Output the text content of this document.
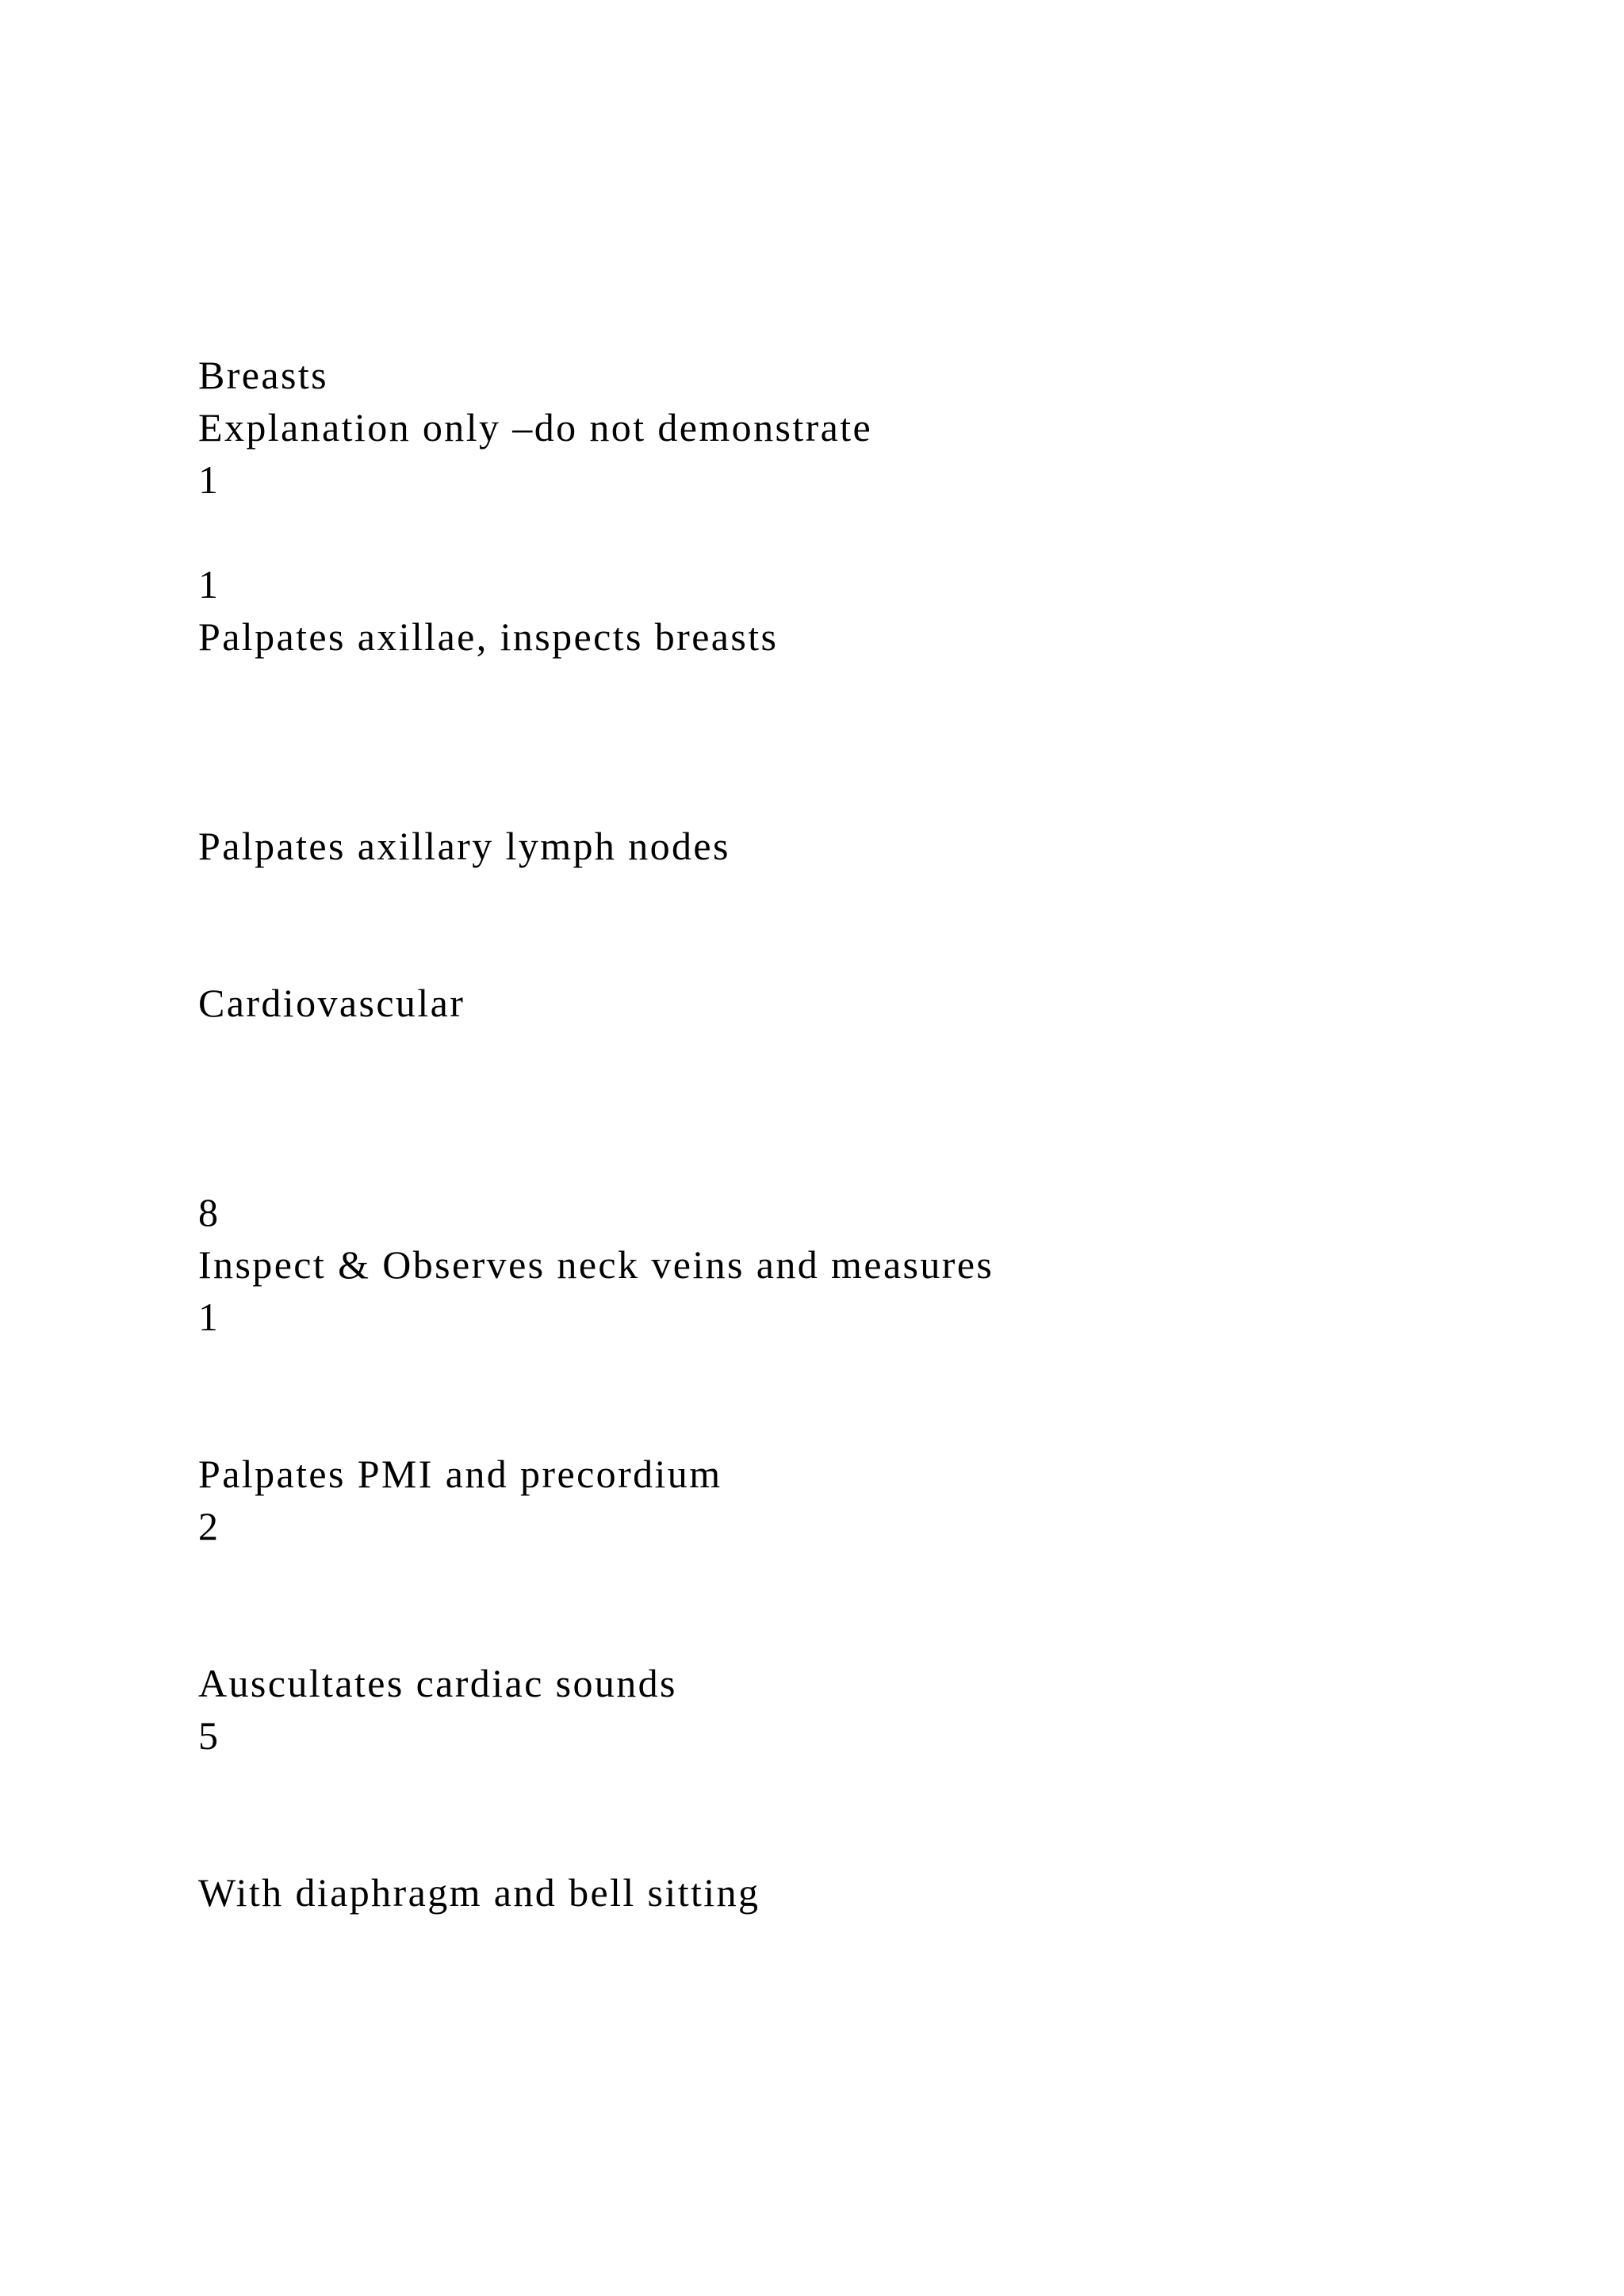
Breasts
Explanation only –do not demonstrate
1
1
Palpates axillae, inspects breasts
Palpates axillary lymph nodes
Cardiovascular
8
Inspect & Observes neck veins and measures
1
Palpates PMI and precordium
2
Auscultates cardiac sounds
5
With diaphragm and bell sitting
